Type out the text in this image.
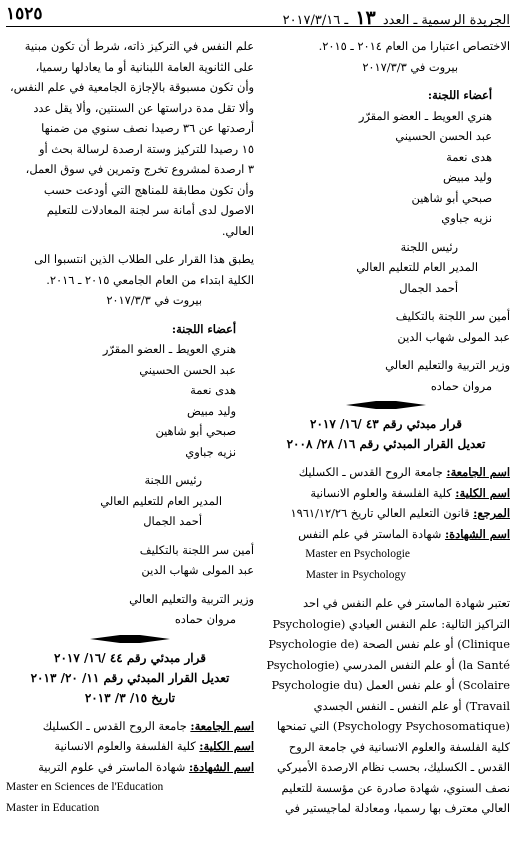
الجريدة الرسمية ـ العدد ١٣ ـ ٢٠١٧/٣/١٦
١٥٢٥

الاختصاص اعتبارا من العام ٢٠١٤ ـ ٢٠١٥.

بيروت في ٢٠١٧/٣/٣

أعضاء اللجنة:

هنري العويط ـ العضو المقرّر

عبد الحسن الحسيني

هدى نعمة

وليد مبيض

صبحي أبو شاهين

نزيه جباوي

رئيس اللجنة

المدير العام للتعليم العالي

أحمد الجمال

أمين سر اللجنة بالتكليف

عبد المولى شهاب الدين

وزير التربية والتعليم العالي

مروان حماده

قرار مبدئي رقم ٤٣ /١٦/ ٢٠١٧

تعديل القرار المبدئي رقم ١٦/ ٢٨/ ٢٠٠٨

اسم الجامعة: جامعة الروح القدس ـ الكسليك

اسم الكلية: كلية الفلسفة والعلوم الانسانية

المرجع: قانون التعليم العالي تاريخ ١٩٦١/١٢/٢٦

اسم الشهادة: شهادة الماستر في علم النفس

Master en Psychologie

Master in Psychology

تعتبر شهادة الماستر في علم النفس في احد

التراكيز التالية: علم النفس العيادي (Psychologie

Clinique) أو علم نفس الصحة (Psychologie de

la Santé) أو علم النفس المدرسي (Psychologie

Scolaire) أو علم نفس العمل (Psychologie du

Travail) أو علم النفس ـ النفس الجسدي

(Psychology Psychosomatique) التي تمنحها

كلية الفلسفة والعلوم الانسانية في جامعة الروح

القدس ـ الكسليك، بحسب نظام الارصدة الأميركي

نصف السنوي، شهادة صادرة عن مؤسسة للتعليم

العالي معترف بها رسميا، ومعادلة لماجيستير في

علم النفس في التركيز ذاته، شرط أن تكون مبنية

على الثانوية العامة اللبنانية أو ما يعادلها رسميا،

وأن تكون مسبوقة بالإجازة الجامعية في علم النفس،

وألا تقل مدة دراستها عن السنتين، وألا يقل عدد

أرصدتها عن ٣٦ رصيدا نصف سنوي من ضمنها

١٥ رصيدا للتركيز وستة ارصدة لرسالة بحث أو

٣ ارصدة لمشروع تخرج وتمرين في سوق العمل،

وأن تكون مطابقة للمناهج التي أودعت حسب

الاصول لدى أمانة سر لجنة المعادلات للتعليم

العالي.

يطبق هذا القرار على الطلاب الذين انتسبوا الى

الكلية ابتداء من العام الجامعي ٢٠١٥ ـ ٢٠١٦.

بيروت في ٢٠١٧/٣/٣

أعضاء اللجنة:

هنري العويط ـ العضو المقرّر

عبد الحسن الحسيني

هدى نعمة

وليد مبيض

صبحي أبو شاهين

نزيه جباوي

رئيس اللجنة

المدير العام للتعليم العالي

أحمد الجمال

أمين سر اللجنة بالتكليف

عبد المولى شهاب الدين

وزير التربية والتعليم العالي

مروان حماده

قرار مبدئي رقم ٤٤ /١٦/ ٢٠١٧

تعديل القرار المبدئي رقم ١١/ ٢٠/ ٢٠١٣

تاريخ ١٥/ ٣/ ٢٠١٣

اسم الجامعة: جامعة الروح القدس ـ الكسليك

اسم الكلية: كلية الفلسفة والعلوم الانسانية

اسم الشهادة: شهادة الماستر في علوم التربية

Master en Sciences de l'Education

Master in Education
